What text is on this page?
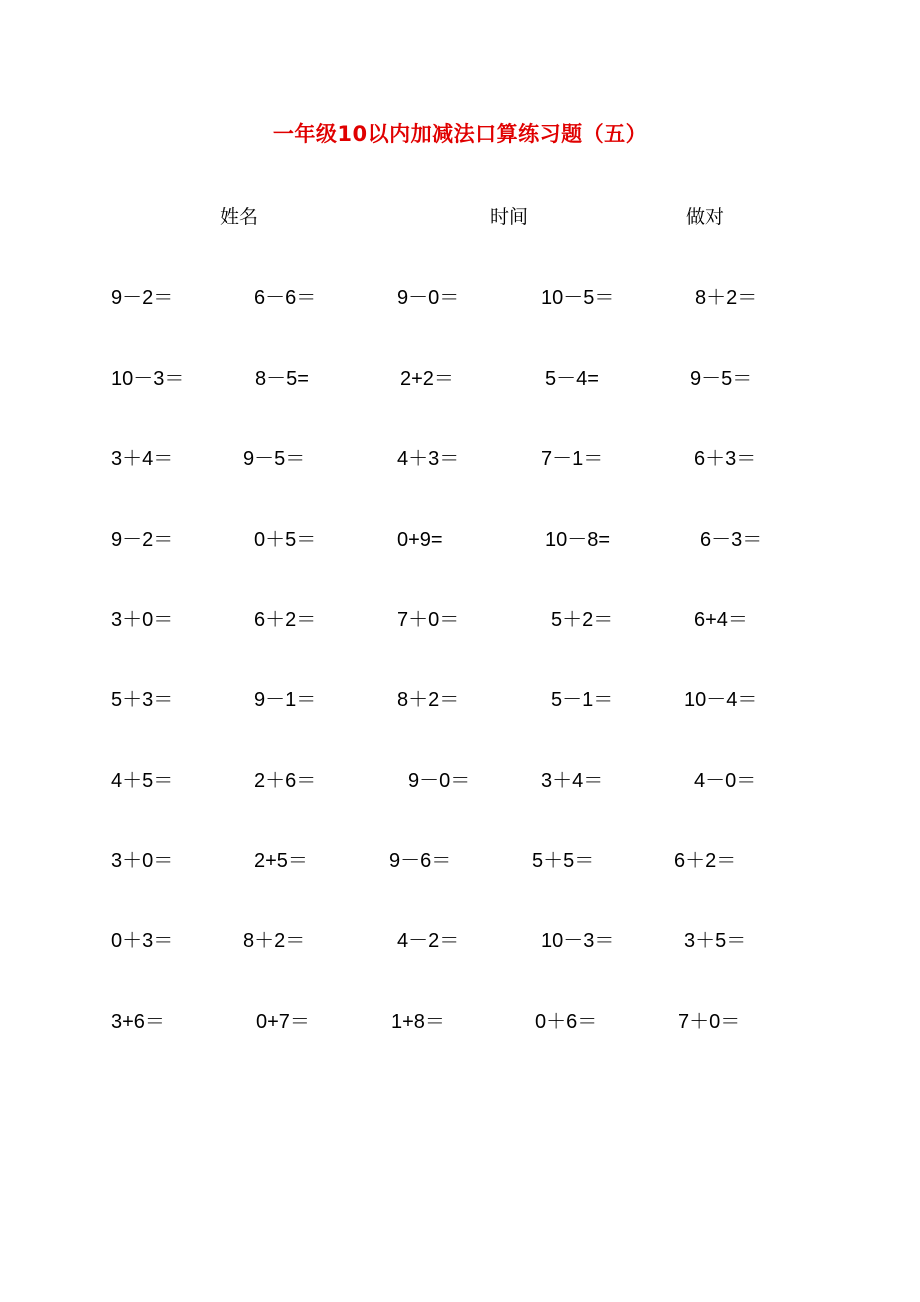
一年级10以内加减法口算练习题（五）
姓名	时间	做对
9－2＝	6－6＝	9－0＝	10－5＝	8＋2＝
10－3＝	8－5=	2+2＝	5－4=	9－5＝
3＋4＝	9－5＝	4＋3＝	7－1＝	6＋3＝
9－2＝	0＋5＝	0+9=	10－8=	6－3＝
3＋0＝	6＋2＝	7＋0＝	5＋2＝	6+4＝
5＋3＝	9－1＝	8＋2＝	5－1＝	10－4＝
4＋5＝	2＋6＝	9－0＝	3＋4＝	4－0＝
3＋0＝	2+5＝	9－6＝	5＋5＝	6＋2＝
0＋3＝	8＋2＝	4－2＝	10－3＝	3＋5＝
3+6＝	0+7＝	1+8＝	0＋6＝	7＋0＝
